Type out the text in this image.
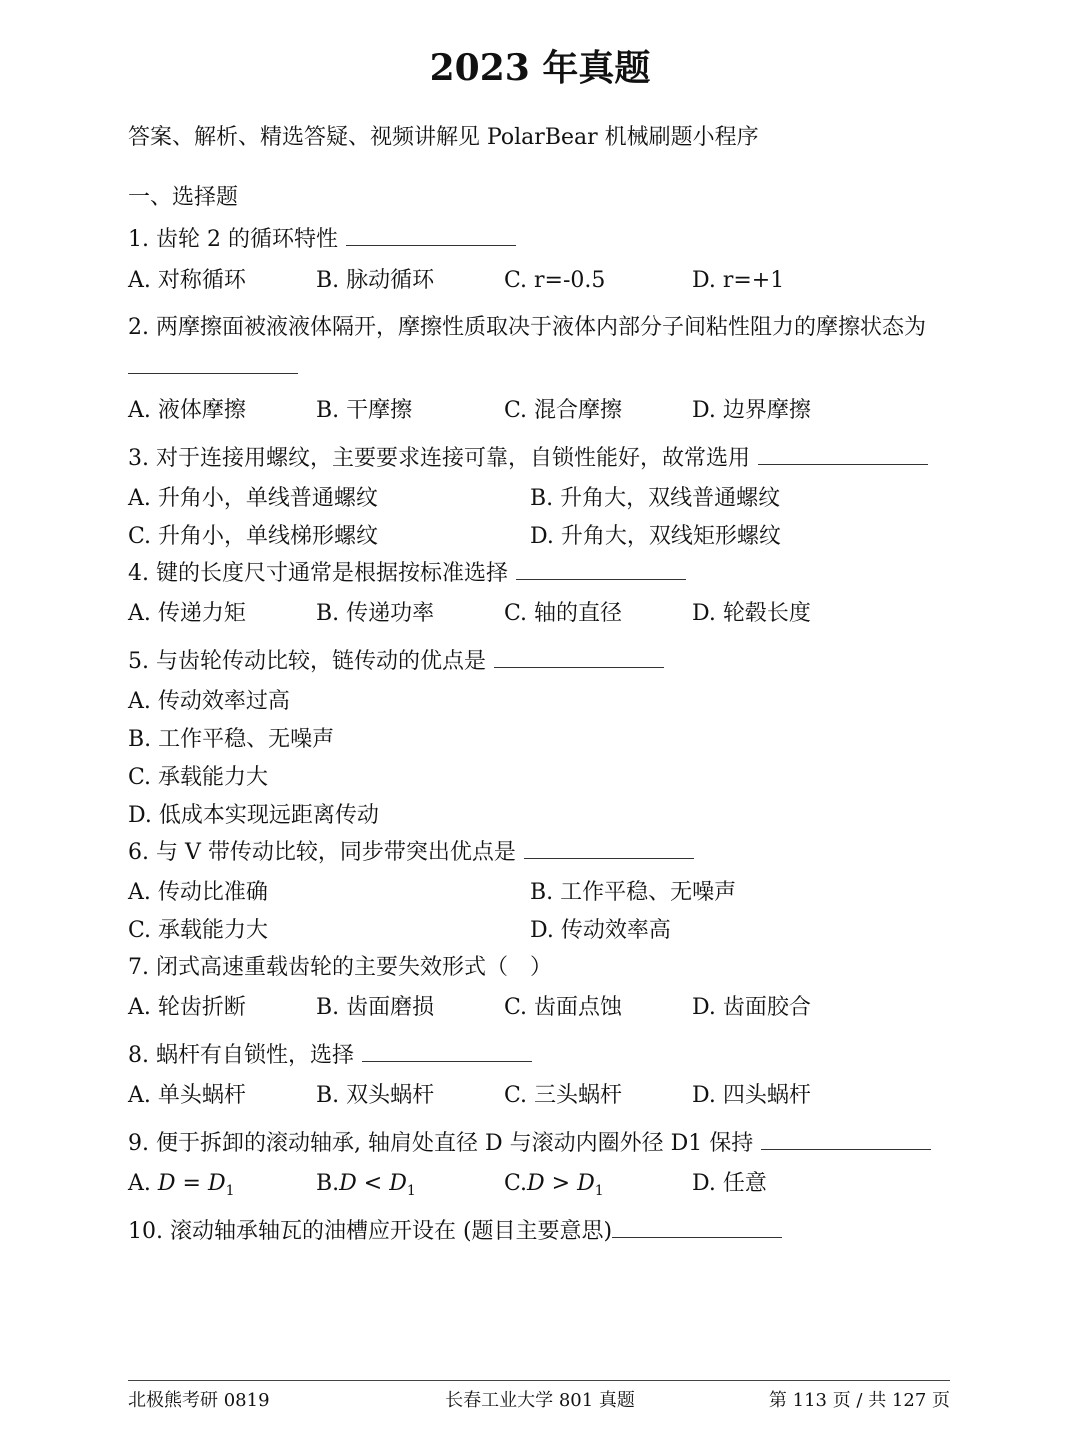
2023 年真题
答案、解析、精选答疑、视频讲解见 PolarBear 机械刷题小程序
一、选择题
1. 齿轮 2 的循环特性
A. 对称循环	B. 脉动循环	C. r=-0.5	D. r=+1
2. 两摩擦面被液液体隔开，摩擦性质取决于液体内部分子间粘性阻力的摩擦状态为
A. 液体摩擦	B. 干摩擦	C. 混合摩擦	D. 边界摩擦
3. 对于连接用螺纹，主要要求连接可靠，自锁性能好，故常选用
A. 升角小，单线普通螺纹	B. 升角大，双线普通螺纹
C. 升角小，单线梯形螺纹	D. 升角大，双线矩形螺纹
4. 键的长度尺寸通常是根据按标准选择
A. 传递力矩	B. 传递功率	C. 轴的直径	D. 轮毂长度
5. 与齿轮传动比较，链传动的优点是
A. 传动效率过高
B. 工作平稳、无噪声
C. 承载能力大
D. 低成本实现远距离传动
6. 与 V 带传动比较，同步带突出优点是
A. 传动比准确	B. 工作平稳、无噪声
C. 承载能力大	D. 传动效率高
7. 闭式高速重载齿轮的主要失效形式（　）
A. 轮齿折断	B. 齿面磨损	C. 齿面点蚀	D. 齿面胶合
8. 蜗杆有自锁性，选择
A. 单头蜗杆	B. 双头蜗杆	C. 三头蜗杆	D. 四头蜗杆
9. 便于拆卸的滚动轴承, 轴肩处直径 D 与滚动内圈外径 D1 保持
A. $D = D_1$	$B.D < D_1$	$C.D > D_1$	D. 任意
10. 滚动轴承轴瓦的油槽应开设在 (题目主要意思)
北极熊考研 0819	长春工业大学 801 真题	第 113 页 / 共 127 页
